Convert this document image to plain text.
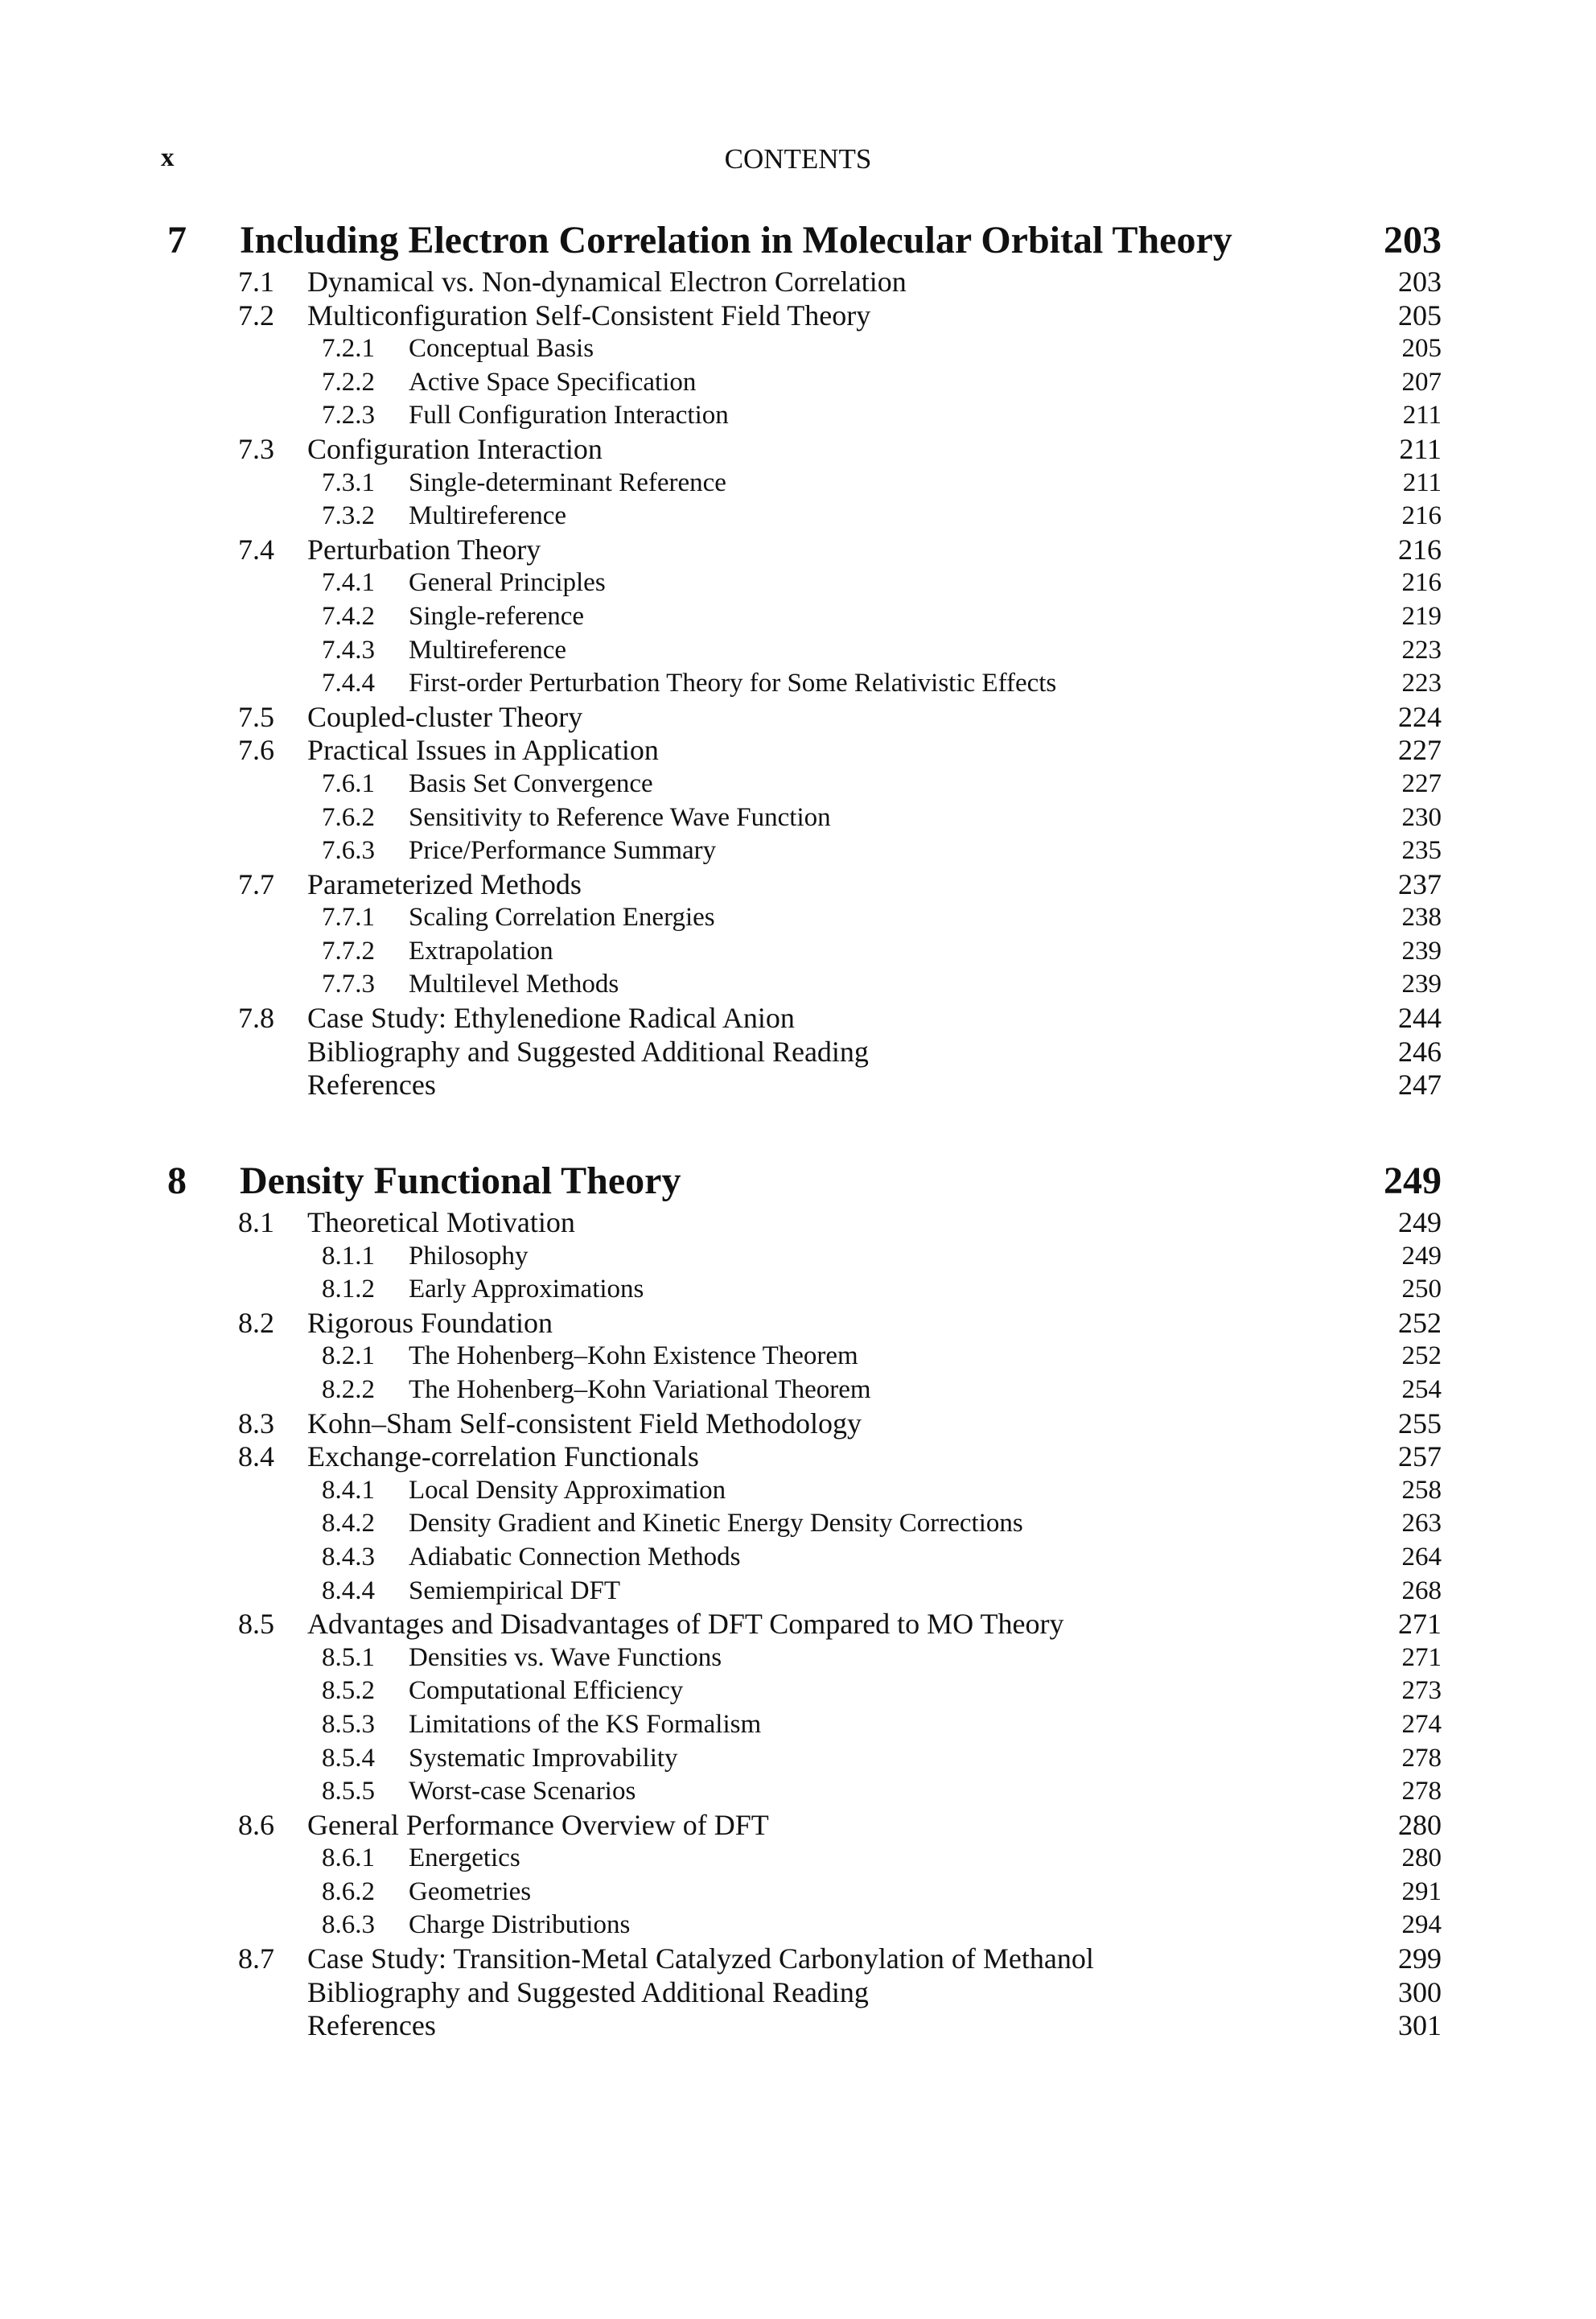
x	CONTENTS
7 Including Electron Correlation in Molecular Orbital Theory	203
7.1 Dynamical vs. Non-dynamical Electron Correlation	203
7.2 Multiconfiguration Self-Consistent Field Theory	205
7.2.1 Conceptual Basis	205
7.2.2 Active Space Specification	207
7.2.3 Full Configuration Interaction	211
7.3 Configuration Interaction	211
7.3.1 Single-determinant Reference	211
7.3.2 Multireference	216
7.4 Perturbation Theory	216
7.4.1 General Principles	216
7.4.2 Single-reference	219
7.4.3 Multireference	223
7.4.4 First-order Perturbation Theory for Some Relativistic Effects	223
7.5 Coupled-cluster Theory	224
7.6 Practical Issues in Application	227
7.6.1 Basis Set Convergence	227
7.6.2 Sensitivity to Reference Wave Function	230
7.6.3 Price/Performance Summary	235
7.7 Parameterized Methods	237
7.7.1 Scaling Correlation Energies	238
7.7.2 Extrapolation	239
7.7.3 Multilevel Methods	239
7.8 Case Study: Ethylenedione Radical Anion	244
Bibliography and Suggested Additional Reading	246
References	247
8 Density Functional Theory	249
8.1 Theoretical Motivation	249
8.1.1 Philosophy	249
8.1.2 Early Approximations	250
8.2 Rigorous Foundation	252
8.2.1 The Hohenberg–Kohn Existence Theorem	252
8.2.2 The Hohenberg–Kohn Variational Theorem	254
8.3 Kohn–Sham Self-consistent Field Methodology	255
8.4 Exchange-correlation Functionals	257
8.4.1 Local Density Approximation	258
8.4.2 Density Gradient and Kinetic Energy Density Corrections	263
8.4.3 Adiabatic Connection Methods	264
8.4.4 Semiempirical DFT	268
8.5 Advantages and Disadvantages of DFT Compared to MO Theory	271
8.5.1 Densities vs. Wave Functions	271
8.5.2 Computational Efficiency	273
8.5.3 Limitations of the KS Formalism	274
8.5.4 Systematic Improvability	278
8.5.5 Worst-case Scenarios	278
8.6 General Performance Overview of DFT	280
8.6.1 Energetics	280
8.6.2 Geometries	291
8.6.3 Charge Distributions	294
8.7 Case Study: Transition-Metal Catalyzed Carbonylation of Methanol	299
Bibliography and Suggested Additional Reading	300
References	301
